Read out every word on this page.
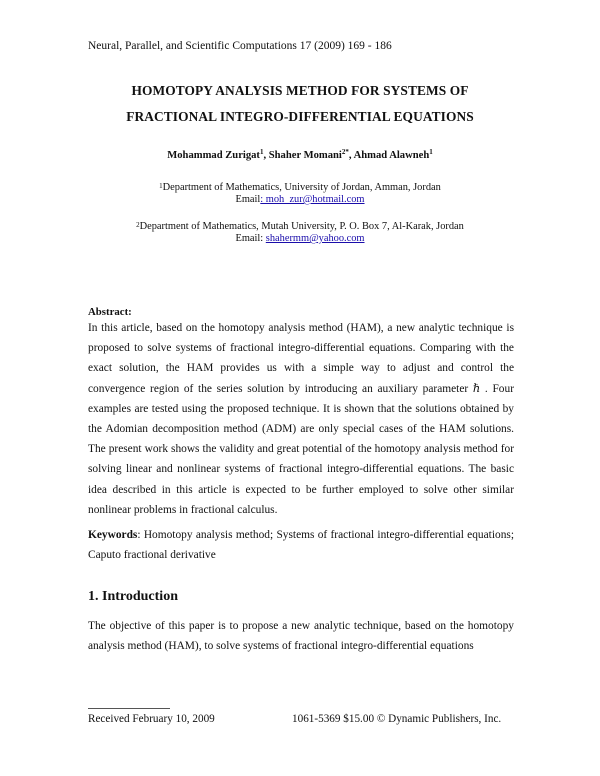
Neural, Parallel, and Scientific Computations 17 (2009) 169 - 186
HOMOTOPY ANALYSIS METHOD FOR SYSTEMS OF
FRACTIONAL INTEGRO-DIFFERENTIAL EQUATIONS
Mohammad Zurigat$^1$, Shaher Momani$^{2*}$, Ahmad Alawneh$^1$
$^1$Department of Mathematics, University of Jordan, Amman, Jordan
Email: moh_zur@hotmail.com
$^2$Department of Mathematics, Mutah University, P. O. Box 7, Al-Karak, Jordan
Email: shahermm@yahoo.com
Abstract:
In this article, based on the homotopy analysis method (HAM), a new analytic technique is proposed to solve systems of fractional integro-differential equations. Comparing with the exact solution, the HAM provides us with a simple way to adjust and control the convergence region of the series solution by introducing an auxiliary parameter ℏ . Four examples are tested using the proposed technique. It is shown that the solutions obtained by the Adomian decomposition method (ADM) are only special cases of the HAM solutions. The present work shows the validity and great potential of the homotopy analysis method for solving linear and nonlinear systems of fractional integro-differential equations. The basic idea described in this article is expected to be further employed to solve other similar nonlinear problems in fractional calculus.
Keywords: Homotopy analysis method; Systems of fractional integro-differential equations; Caputo fractional derivative
1. Introduction
The objective of this paper is to propose a new analytic technique, based on the homotopy analysis method (HAM), to solve systems of fractional integro-differential equations
Received February 10, 2009	1061-5369 $15.00 © Dynamic Publishers, Inc.
